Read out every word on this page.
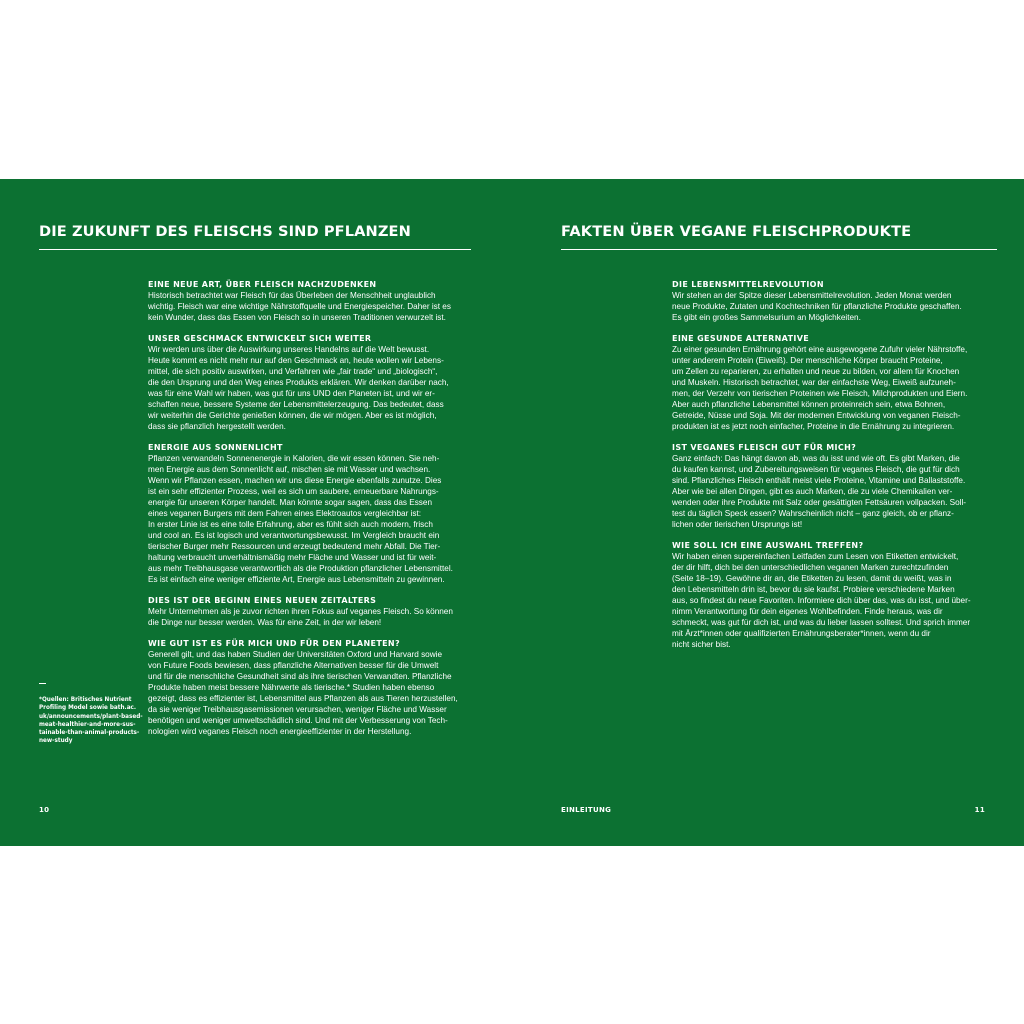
DIE ZUKUNFT DES FLEISCHS SIND PFLANZEN
EINE NEUE ART, ÜBER FLEISCH NACHZUDENKEN

Historisch betrachtet war Fleisch für das Überleben der Menschheit unglaublich
wichtig. Fleisch war eine wichtige Nährstoffquelle und Energiespeicher. Daher ist es
kein Wunder, dass das Essen von Fleisch so in unseren Traditionen verwurzelt ist.

UNSER GESCHMACK ENTWICKELT SICH WEITER

Wir werden uns über die Auswirkung unseres Handelns auf die Welt bewusst.
Heute kommt es nicht mehr nur auf den Geschmack an, heute wollen wir Lebens-
mittel, die sich positiv auswirken, und Verfahren wie „fair trade“ und „biologisch“,
die den Ursprung und den Weg eines Produkts erklären. Wir denken darüber nach,
was für eine Wahl wir haben, was gut für uns UND den Planeten ist, und wir er-
schaffen neue, bessere Systeme der Lebensmittelerzeugung. Das bedeutet, dass
wir weiterhin die Gerichte genießen können, die wir mögen. Aber es ist möglich,
dass sie pflanzlich hergestellt werden.

ENERGIE AUS SONNENLICHT

Pflanzen verwandeln Sonnenenergie in Kalorien, die wir essen können. Sie neh-
men Energie aus dem Sonnenlicht auf, mischen sie mit Wasser und wachsen.
Wenn wir Pflanzen essen, machen wir uns diese Energie ebenfalls zunutze. Dies
ist ein sehr effizienter Prozess, weil es sich um saubere, erneuerbare Nahrungs-
energie für unseren Körper handelt. Man könnte sogar sagen, dass das Essen
eines veganen Burgers mit dem Fahren eines Elektroautos vergleichbar ist:
In erster Linie ist es eine tolle Erfahrung, aber es fühlt sich auch modern, frisch
und cool an. Es ist logisch und verantwortungsbewusst. Im Vergleich braucht ein
tierischer Burger mehr Ressourcen und erzeugt bedeutend mehr Abfall. Die Tier-
haltung verbraucht unverhältnismäßig mehr Fläche und Wasser und ist für weit-
aus mehr Treibhausgase verantwortlich als die Produktion pflanzlicher Lebensmittel.
Es ist einfach eine weniger effiziente Art, Energie aus Lebensmitteln zu gewinnen.

DIES IST DER BEGINN EINES NEUEN ZEITALTERS

Mehr Unternehmen als je zuvor richten ihren Fokus auf veganes Fleisch. So können
die Dinge nur besser werden. Was für eine Zeit, in der wir leben!

WIE GUT IST ES FÜR MICH UND FÜR DEN PLANETEN?

Generell gilt, und das haben Studien der Universitäten Oxford und Harvard sowie
von Future Foods bewiesen, dass pflanzliche Alternativen besser für die Umwelt
und für die menschliche Gesundheit sind als ihre tierischen Verwandten. Pflanzliche
Produkte haben meist bessere Nährwerte als tierische.* Studien haben ebenso
gezeigt, dass es effizienter ist, Lebensmittel aus Pflanzen als aus Tieren herzustellen,
da sie weniger Treibhausgasemissionen verursachen, weniger Fläche und Wasser
benötigen und weniger umweltschädlich sind. Und mit der Verbesserung von Tech-
nologien wird veganes Fleisch noch energieeffizienter in der Herstellung.

*Quellen: Britisches Nutrient
Profiling Model sowie bath.ac.
uk/announcements/plant-based-
meat-healthier-and-more-sus-
tainable-than-animal-products-
new-study
10
FAKTEN ÜBER VEGANE FLEISCHPRODUKTE
DIE LEBENSMITTELREVOLUTION

Wir stehen an der Spitze dieser Lebensmittelrevolution. Jeden Monat werden
neue Produkte, Zutaten und Kochtechniken für pflanzliche Produkte geschaffen.
Es gibt ein großes Sammelsurium an Möglichkeiten.

EINE GESUNDE ALTERNATIVE

Zu einer gesunden Ernährung gehört eine ausgewogene Zufuhr vieler Nährstoffe,
unter anderem Protein (Eiweiß). Der menschliche Körper braucht Proteine,
um Zellen zu reparieren, zu erhalten und neue zu bilden, vor allem für Knochen
und Muskeln. Historisch betrachtet, war der einfachste Weg, Eiweiß aufzuneh-
men, der Verzehr von tierischen Proteinen wie Fleisch, Milchprodukten und Eiern.
Aber auch pflanzliche Lebensmittel können proteinreich sein, etwa Bohnen,
Getreide, Nüsse und Soja. Mit der modernen Entwicklung von veganen Fleisch-
produkten ist es jetzt noch einfacher, Proteine in die Ernährung zu integrieren.

IST VEGANES FLEISCH GUT FÜR MICH?

Ganz einfach: Das hängt davon ab, was du isst und wie oft. Es gibt Marken, die
du kaufen kannst, und Zubereitungsweisen für veganes Fleisch, die gut für dich
sind. Pflanzliches Fleisch enthält meist viele Proteine, Vitamine und Ballaststoffe.
Aber wie bei allen Dingen, gibt es auch Marken, die zu viele Chemikalien ver-
wenden oder ihre Produkte mit Salz oder gesättigten Fettsäuren vollpacken. Soll-
test du täglich Speck essen? Wahrscheinlich nicht – ganz gleich, ob er pflanz-
lichen oder tierischen Ursprungs ist!

WIE SOLL ICH EINE AUSWAHL TREFFEN?

Wir haben einen supereinfachen Leitfaden zum Lesen von Etiketten entwickelt,
der dir hilft, dich bei den unterschiedlichen veganen Marken zurechtzufinden
(Seite 18–19). Gewöhne dir an, die Etiketten zu lesen, damit du weißt, was in
den Lebensmitteln drin ist, bevor du sie kaufst. Probiere verschiedene Marken
aus, so findest du neue Favoriten. Informiere dich über das, was du isst, und über-
nimm Verantwortung für dein eigenes Wohlbefinden. Finde heraus, was dir
schmeckt, was gut für dich ist, und was du lieber lassen solltest. Und sprich immer
mit Ärzt*innen oder qualifizierten Ernährungsberater*innen, wenn du dir
nicht sicher bist.

EINLEITUNG	11
